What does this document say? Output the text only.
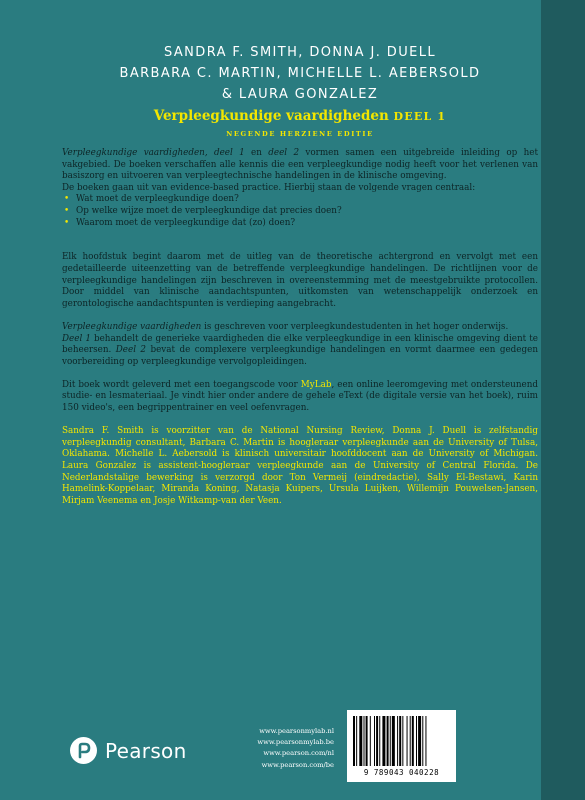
SANDRA F. SMITH, DONNA J. DUELL
BARBARA C. MARTIN, MICHELLE L. AEBERSOLD
& LAURA GONZALEZ
Verpleegkundige vaardigheden DEEL 1
NEGENDE HERZIENE EDITIE

Verpleegkundige vaardigheden, deel 1 en deel 2 vormen samen een uitgebreide inleiding op het vakgebied. De boeken verschaffen alle kennis die een verpleegkundige nodig heeft voor het verlenen van basiszorg en uitvoeren van verpleegtechnische handelingen in de klinische omgeving.

De boeken gaan uit van evidence-based practice. Hierbij staan de volgende vragen centraal:

• Wat moet de verpleegkundige doen?
• Op welke wijze moet de verpleegkundige dat precies doen?
• Waarom moet de verpleegkundige dat (zo) doen?

Elk hoofdstuk begint daarom met de uitleg van de theoretische achtergrond en vervolgt met een gedetailleerde uiteenzetting van de betreffende verpleegkundige handelingen. De richtlijnen voor de verpleegkundige handelingen zijn beschreven in overeenstemming met de meestgebruikte protocollen. Door middel van klinische aandachtspunten, uitkomsten van wetenschappelijk onderzoek en gerontologische aandachtspunten is verdieping aangebracht.

Verpleegkundige vaardigheden is geschreven voor verpleegkundestudenten in het hoger onderwijs.

Deel 1 behandelt de generieke vaardigheden die elke verpleegkundige in een klinische omgeving dient te beheersen. Deel 2 bevat de complexere verpleegkundige handelingen en vormt daarmee een gedegen voorbereiding op verpleegkundige vervolgopleidingen.

Dit boek wordt geleverd met een toegangscode voor MyLab, een online leeromgeving met ondersteunend studie- en lesmateriaal. Je vindt hier onder andere de gehele eText (de digitale versie van het boek), ruim 150 video's, een begrippentrainer en veel oefenvragen.

Sandra F. Smith is voorzitter van de National Nursing Review, Donna J. Duell is zelfstandig verpleegkundig consultant, Barbara C. Martin is hoogleraar verpleegkunde aan de University of Tulsa, Oklahama. Michelle L. Aebersold is klinisch universitair hoofddocent aan de University of Michigan. Laura Gonzalez is assistent-hoogleraar verpleegkunde aan de University of Central Florida. De Nederlandstalige bewerking is verzorgd door Ton Vermeij (eindredactie), Sally El-Bestawi, Karin Hamelink-Koppelaar, Miranda Koning, Natasja Kuipers, Ursula Luijken, Willemijn Pouwelsen-Jansen, Mirjam Veenema en Josje Witkamp-van der Veen.

Pearson
www.pearsonmylab.nl
www.pearsonmylab.be
www.pearson.com/nl
www.pearson.com/be
9 789043 040228
